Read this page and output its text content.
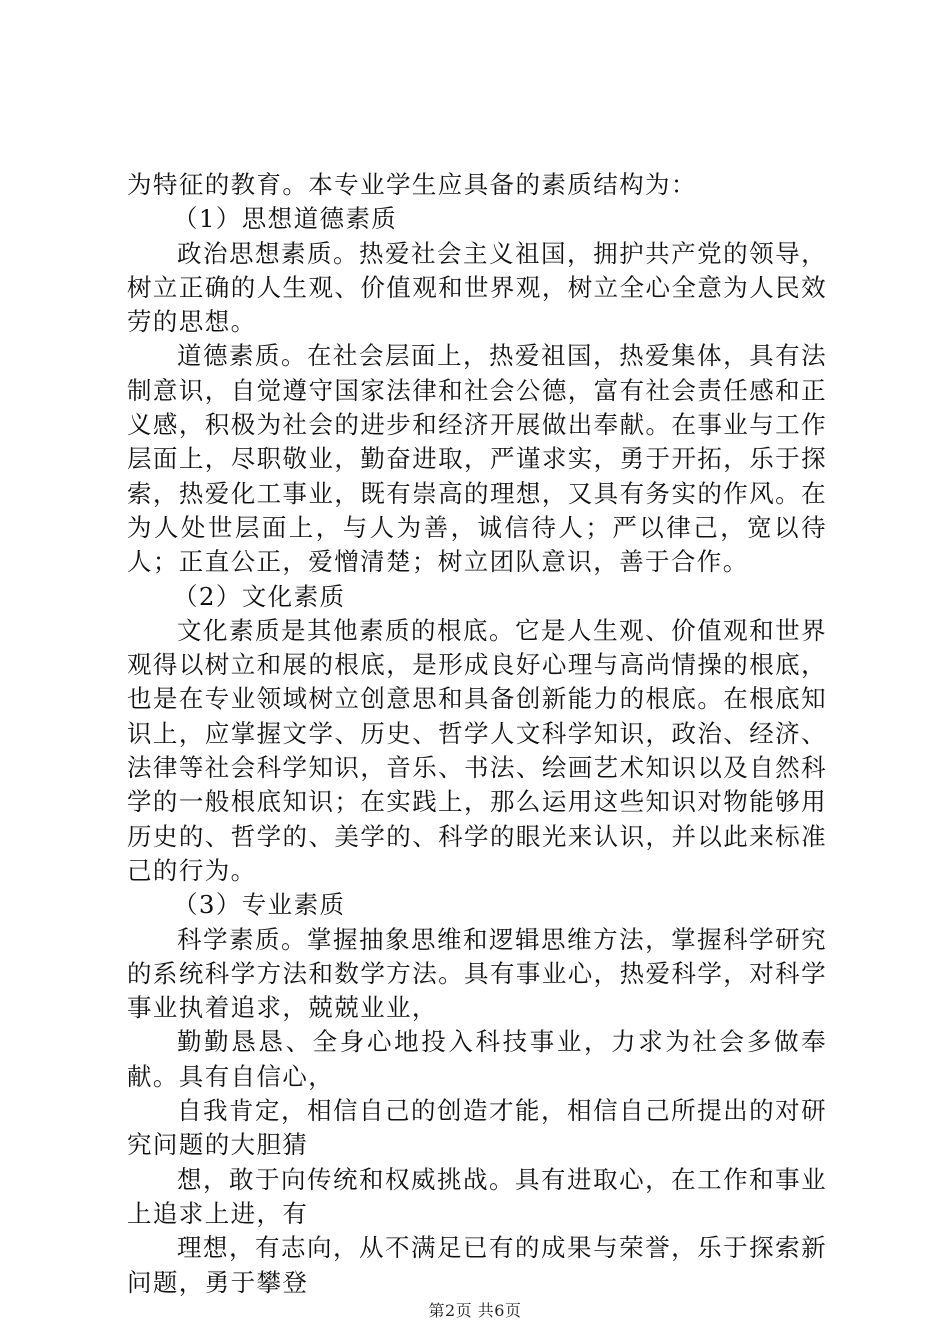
为特征的教育。本专业学生应具备的素质结构为：

（1）思想道德素质

政治思想素质。热爱社会主义祖国，拥护共产党的领导，树立正确的人生观、价值观和世界观，树立全心全意为人民效劳的思想。

道德素质。在社会层面上，热爱祖国，热爱集体，具有法制意识，自觉遵守国家法律和社会公德，富有社会责任感和正义感，积极为社会的进步和经济开展做出奉献。在事业与工作层面上，尽职敬业，勤奋进取，严谨求实，勇于开拓，乐于探索，热爱化工事业，既有崇高的理想，又具有务实的作风。在为人处世层面上，与人为善，诚信待人；严以律己，宽以待人；正直公正，爱憎清楚；树立团队意识，善于合作。

（2）文化素质

文化素质是其他素质的根底。它是人生观、价值观和世界观得以树立和展的根底，是形成良好心理与高尚情操的根底，也是在专业领域树立创意思和具备创新能力的根底。在根底知识上，应掌握文学、历史、哲学人文科学知识，政治、经济、法律等社会科学知识，音乐、书法、绘画艺术知识以及自然科学的一般根底知识；在实践上，那么运用这些知识对物能够用历史的、哲学的、美学的、科学的眼光来认识，并以此来标准己的行为。

（3）专业素质

科学素质。掌握抽象思维和逻辑思维方法，掌握科学研究的系统科学方法和数学方法。具有事业心，热爱科学，对科学事业执着追求，兢兢业业，

勤勤恳恳、全身心地投入科技事业，力求为社会多做奉献。具有自信心，

自我肯定，相信自己的创造才能，相信自己所提出的对研究问题的大胆猜

想，敢于向传统和权威挑战。具有进取心，在工作和事业上追求上进，有

理想，有志向，从不满足已有的成果与荣誉，乐于探索新问题，勇于攀登

第2页 共6页
